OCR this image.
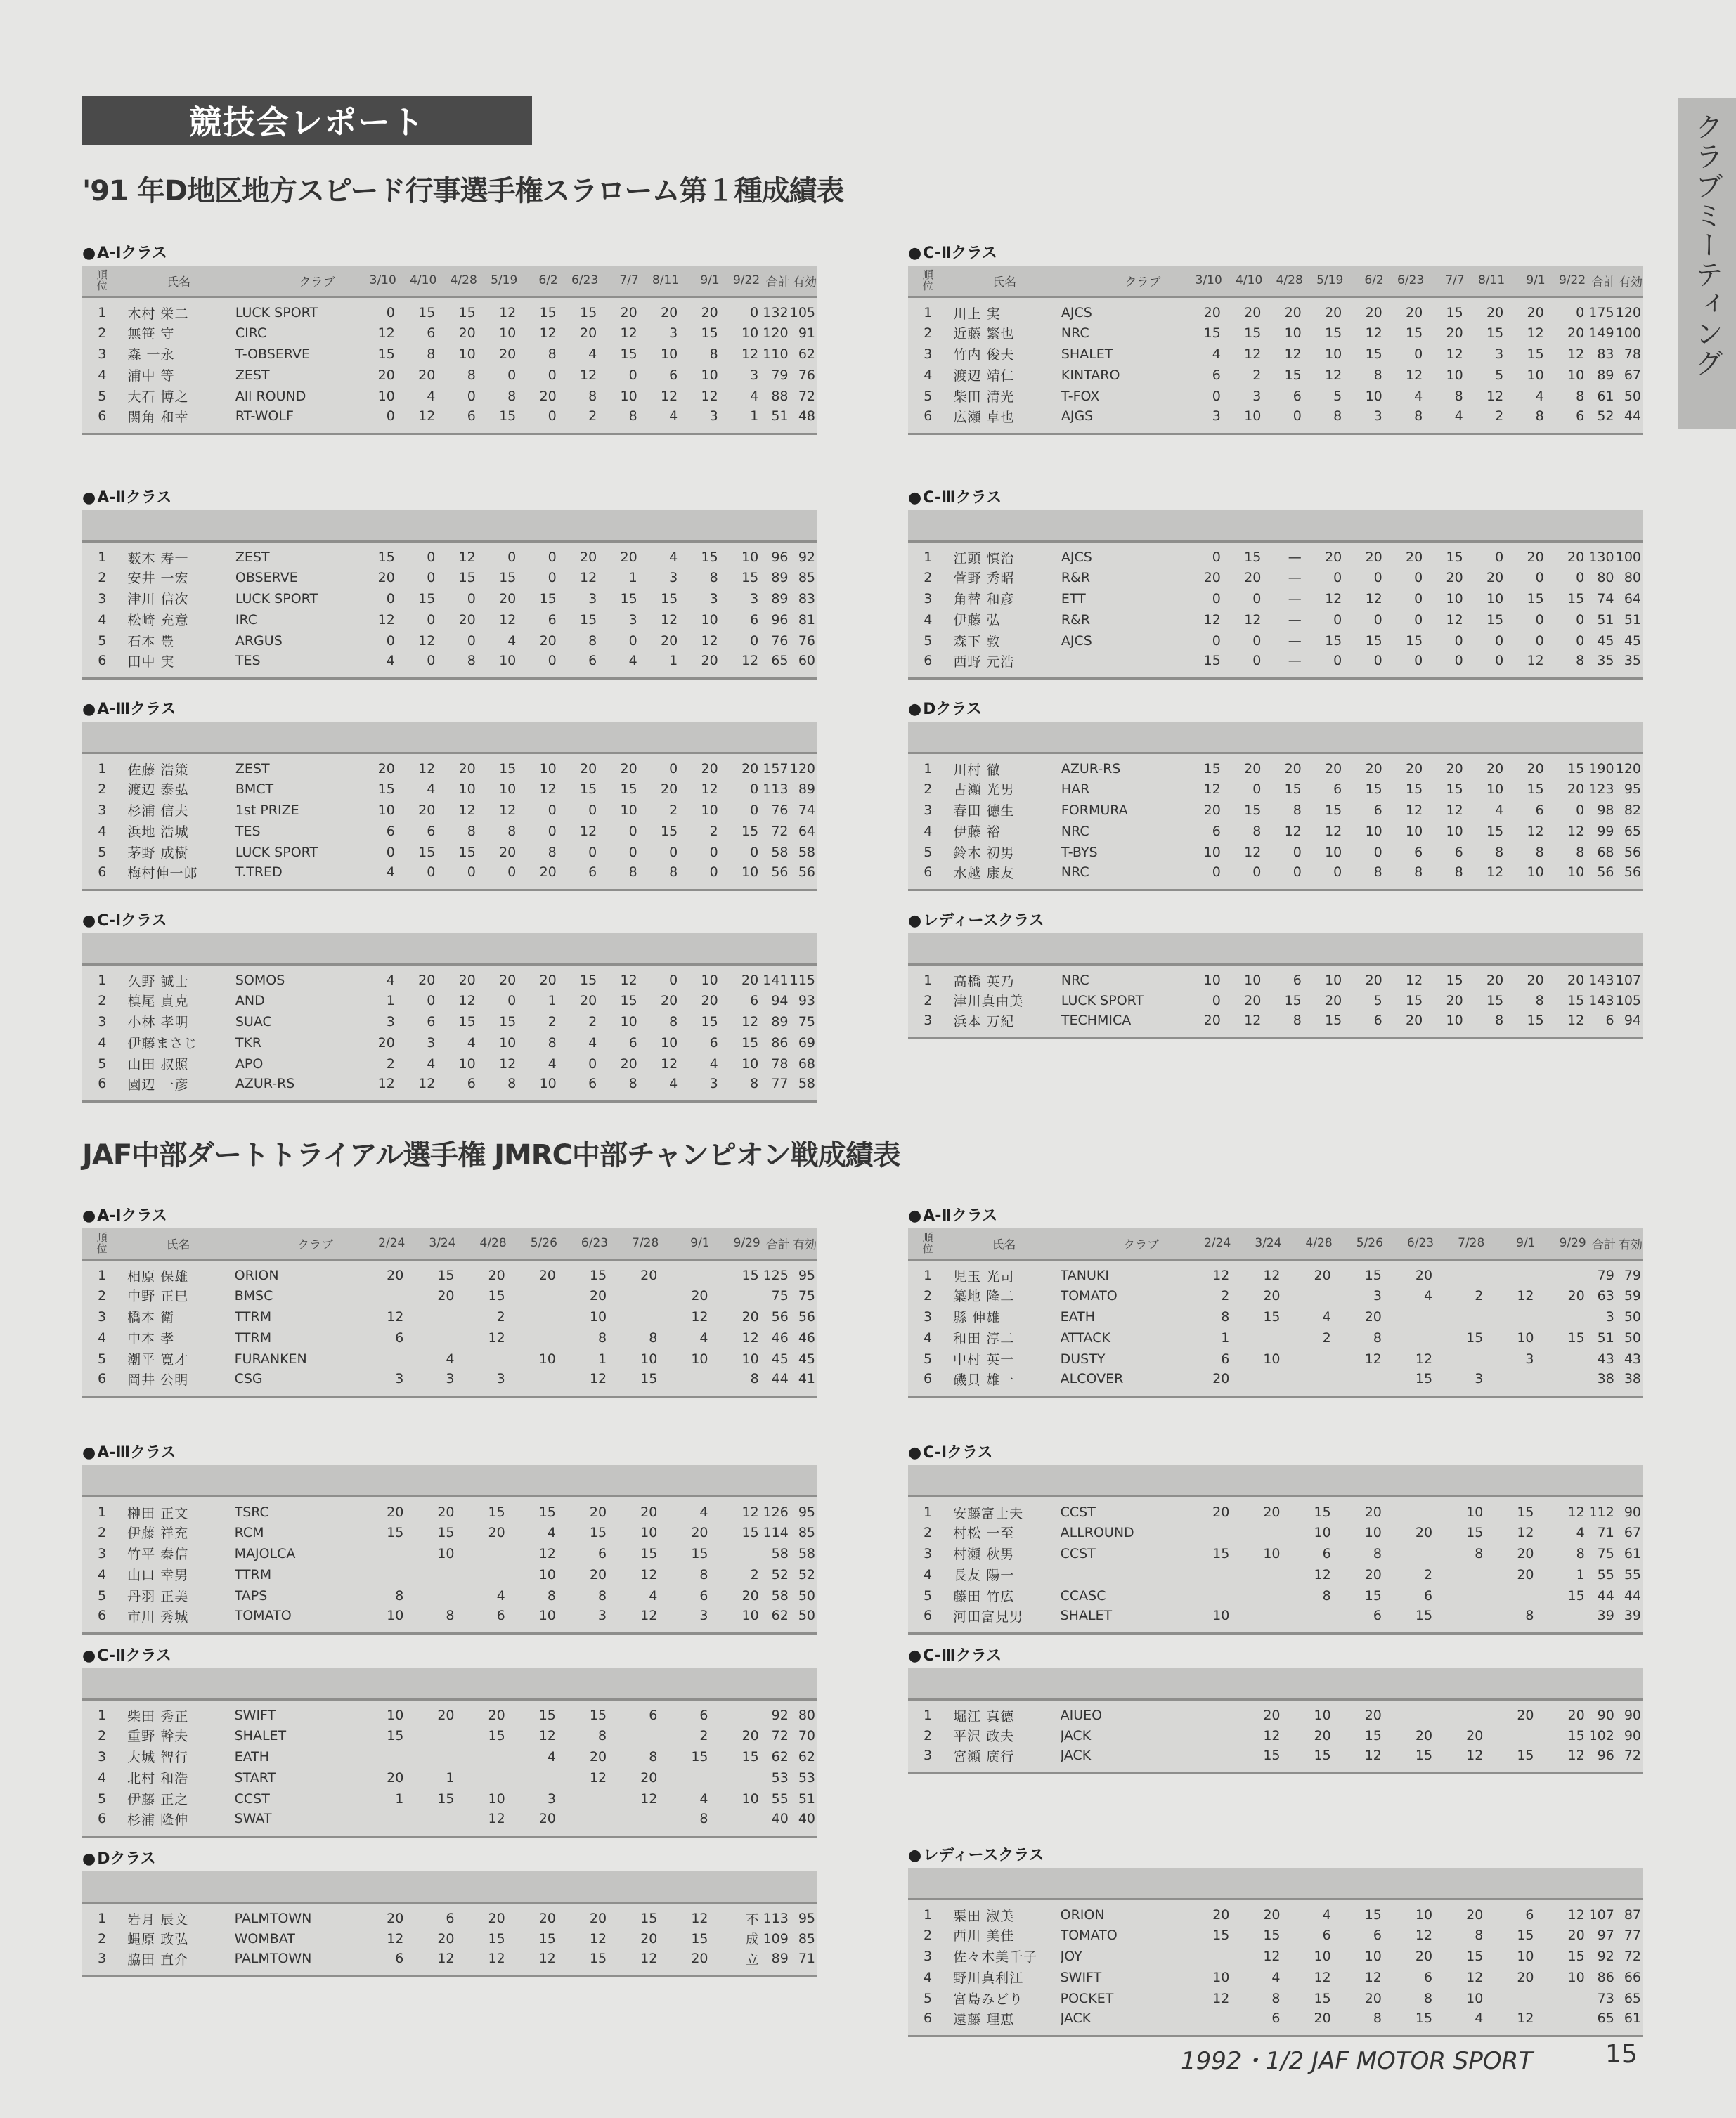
競技会レポート	クラブミーティング
'91 年D地区地方スピード行事選手権スラローム第１種成績表
JAF中部ダートトライアル選手権 JMRC中部チャンピオン戦成績表
●A-Ⅰクラス
順
位	氏名	クラブ	3/10	4/10	4/28	5/19	6/2	6/23	7/7	8/11	9/1	9/22	合計	有効
1	木村 栄二	LUCK SPORT	0	15	15	12	15	15	20	20	20	0	132	105
2	無笹 守	CIRC	12	6	20	10	12	20	12	3	15	10	120	91
3	森 一永	T-OBSERVE	15	8	10	20	8	4	15	10	8	12	110	62
4	浦中 等	ZEST	20	20	8	0	0	12	0	6	10	3	79	76
5	大石 博之	All ROUND	10	4	0	8	20	8	10	12	12	4	88	72
6	関角 和幸	RT-WOLF	0	12	6	15	0	2	8	4	3	1	51	48
●C-Ⅱクラス
順
位	氏名	クラブ	3/10	4/10	4/28	5/19	6/2	6/23	7/7	8/11	9/1	9/22	合計	有効
1	川上 実	AJCS	20	20	20	20	20	20	15	20	20	0	175	120
2	近藤 繁也	NRC	15	15	10	15	12	15	20	15	12	20	149	100
3	竹内 俊夫	SHALET	4	12	12	10	15	0	12	3	15	12	83	78
4	渡辺 靖仁	KINTARO	6	2	15	12	8	12	10	5	10	10	89	67
5	柴田 清光	T-FOX	0	3	6	5	10	4	8	12	4	8	61	50
6	広瀬 卓也	AJGS	3	10	0	8	3	8	4	2	8	6	52	44
●A-Ⅱクラス

1	薮木 寿一	ZEST	15	0	12	0	0	20	20	4	15	10	96	92
2	安井 一宏	OBSERVE	20	0	15	15	0	12	1	3	8	15	89	85
3	津川 信次	LUCK SPORT	0	15	0	20	15	3	15	15	3	3	89	83
4	松崎 充意	IRC	12	0	20	12	6	15	3	12	10	6	96	81
5	石本 豊	ARGUS	0	12	0	4	20	8	0	20	12	0	76	76
6	田中 実	TES	4	0	8	10	0	6	4	1	20	12	65	60
●C-Ⅲクラス

1	江頭 慎治	AJCS	0	15	—	20	20	20	15	0	20	20	130	100
2	菅野 秀昭	R&R	20	20	—	0	0	0	20	20	0	0	80	80
3	角替 和彦	ETT	0	0	—	12	12	0	10	10	15	15	74	64
4	伊藤 弘	R&R	12	12	—	0	0	0	12	15	0	0	51	51
5	森下 敦	AJCS	0	0	—	15	15	15	0	0	0	0	45	45
6	西野 元浩		15	0	—	0	0	0	0	0	12	8	35	35
●A-Ⅲクラス

1	佐藤 浩策	ZEST	20	12	20	15	10	20	20	0	20	20	157	120
2	渡辺 泰弘	BMCT	15	4	10	10	12	15	15	20	12	0	113	89
3	杉浦 信夫	1st PRIZE	10	20	12	12	0	0	10	2	10	0	76	74
4	浜地 浩城	TES	6	6	8	8	0	12	0	15	2	15	72	64
5	茅野 成樹	LUCK SPORT	0	15	15	20	8	0	0	0	0	0	58	58
6	梅村伸一郎	T.TRED	4	0	0	0	20	6	8	8	0	10	56	56
●Dクラス

1	川村 徹	AZUR-RS	15	20	20	20	20	20	20	20	20	15	190	120
2	古瀬 光男	HAR	12	0	15	6	15	15	15	10	15	20	123	95
3	春田 徳生	FORMURA	20	15	8	15	6	12	12	4	6	0	98	82
4	伊藤 裕	NRC	6	8	12	12	10	10	10	15	12	12	99	65
5	鈴木 初男	T-BYS	10	12	0	10	0	6	6	8	8	8	68	56
6	水越 康友	NRC	0	0	0	0	8	8	8	12	10	10	56	56
●C-Ⅰクラス

1	久野 誠士	SOMOS	4	20	20	20	20	15	12	0	10	20	141	115
2	槙尾 貞克	AND	1	0	12	0	1	20	15	20	20	6	94	93
3	小林 孝明	SUAC	3	6	15	15	2	2	10	8	15	12	89	75
4	伊藤まさじ	TKR	20	3	4	10	8	4	6	10	6	15	86	69
5	山田 叔照	APO	2	4	10	12	4	0	20	12	4	10	78	68
6	園辺 一彦	AZUR-RS	12	12	6	8	10	6	8	4	3	8	77	58
●レディースクラス

1	高橋 英乃	NRC	10	10	6	10	20	12	15	20	20	20	143	107
2	津川真由美	LUCK SPORT	0	20	15	20	5	15	20	15	8	15	143	105
3	浜本 万紀	TECHMICA	20	12	8	15	6	20	10	8	15	12	6	94
●A-Ⅰクラス
順
位	氏名	クラブ	2/24	3/24	4/28	5/26	6/23	7/28	9/1	9/29	合計	有効
1	相原 保雄	ORION	20	15	20	20	15	20		15	125	95
2	中野 正巳	BMSC		20	15		20		20		75	75
3	橋本 衛	TTRM	12		2		10		12	20	56	56
4	中本 孝	TTRM	6		12		8	8	4	12	46	46
5	潮平 寛才	FURANKEN		4		10	1	10	10	10	45	45
6	岡井 公明	CSG	3	3	3		12	15		8	44	41
●A-Ⅱクラス
順
位	氏名	クラブ	2/24	3/24	4/28	5/26	6/23	7/28	9/1	9/29	合計	有効
1	児玉 光司	TANUKI	12	12	20	15	20				79	79
2	築地 隆二	TOMATO	2	20		3	4	2	12	20	63	59
3	縣 伸雄	EATH	8	15	4	20					3	50
4	和田 淳二	ATTACK	1		2	8		15	10	15	51	50
5	中村 英一	DUSTY	6	10		12	12		3		43	43
6	磯貝 雄一	ALCOVER	20				15	3			38	38
●A-Ⅲクラス

1	榊田 正文	TSRC	20	20	15	15	20	20	4	12	126	95
2	伊藤 祥充	RCM	15	15	20	4	15	10	20	15	114	85
3	竹平 秦信	MAJOLCA		10		12	6	15	15		58	58
4	山口 幸男	TTRM				10	20	12	8	2	52	52
5	丹羽 正美	TAPS	8		4	8	8	4	6	20	58	50
6	市川 秀城	TOMATO	10	8	6	10	3	12	3	10	62	50
●C-Ⅰクラス

1	安藤富士夫	CCST	20	20	15	20		10	15	12	112	90
2	村松 一至	ALLROUND			10	10	20	15	12	4	71	67
3	村瀬 秋男	CCST	15	10	6	8		8	20	8	75	61
4	長友 陽一				12	20	2		20	1	55	55
5	藤田 竹広	CCASC			8	15	6			15	44	44
6	河田富見男	SHALET	10			6	15		8		39	39
●C-Ⅱクラス

1	柴田 秀正	SWIFT	10	20	20	15	15	6	6		92	80
2	重野 幹夫	SHALET	15		15	12	8		2	20	72	70
3	大城 智行	EATH				4	20	8	15	15	62	62
4	北村 和浩	START	20	1			12	20			53	53
5	伊藤 正之	CCST	1	15	10	3		12	4	10	55	51
6	杉浦 隆伸	SWAT			12	20			8		40	40
●C-Ⅲクラス

1	堀江 真德	AIUEO		20	10	20			20	20	90	90
2	平沢 政夫	JACK		12	20	15	20	20		15	102	90
3	宮瀬 廣行	JACK		15	15	12	15	12	15	12	96	72
●Dクラス

1	岩月 辰文	PALMTOWN	20	6	20	20	20	15	12	不	113	95
2	蝿原 政弘	WOMBAT	12	20	15	15	12	20	15	成	109	85
3	脇田 直介	PALMTOWN	6	12	12	12	15	12	20	立	89	71
●レディースクラス

1	栗田 淑美	ORION	20	20	4	15	10	20	6	12	107	87
2	西川 美佳	TOMATO	15	15	6	6	12	8	15	20	97	77
3	佐々木美千子	JOY		12	10	10	20	15	10	15	92	72
4	野川真利江	SWIFT	10	4	12	12	6	12	20	10	86	66
5	宮島みどり	POCKET	12	8	15	20	8	10			73	65
6	遠藤 理恵	JACK		6	20	8	15	4	12		65	61
1992・1/2 JAF MOTOR SPORT	15
